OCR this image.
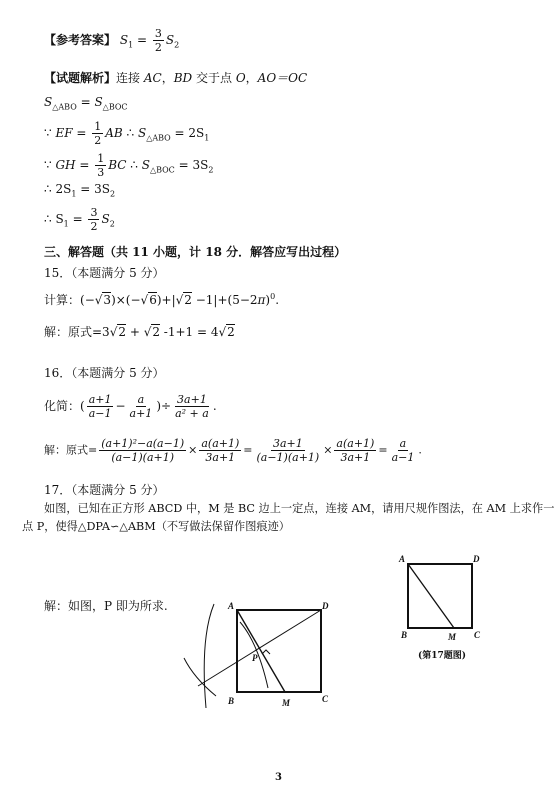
【参考答案】 $S_1 = \frac{3}{2} S_2$
【试题解析】连接 AC，BD 交于点 O，AO＝OC
$S_{\triangle ABO} = S_{\triangle BOC}$
∵ EF = $\frac{1}{2}$ AB ∴ $S_{\triangle ABO} = 2S_1$
∵ GH = $\frac{1}{3}$ BC ∴ $S_{\triangle BOC} = 3S_2$
∴ $2S_1 = 3S_2$
∴ $S_1 = \frac{3}{2} S_2$
三、解答题（共 11 小题，计 18 分．解答应写出过程）
15．（本题满分 5 分）
计算：$(-√3)\times(-√6)+|√2 -1|+(5-2\pi)^0$.
解：原式=3√2 + √2 -1+1 = 4√2
16．（本题满分 5 分）
化简：( $\frac{a+1}{a-1} - \frac{a}{a+1}$ )÷ $\frac{3a+1}{\text{a² + a}}$ .
解：原式= $\frac{\text{(a+1)²−a(a−1)}}{(a-1)(a+1)} \times \frac{a(a+1)}{3a+1} = \frac{3a+1}{(a-1)(a+1)} \times \frac{a(a+1)}{3a+1} = \frac{a}{a-1}$ .
17．（本题满分 5 分）
如图，已知在正方形 ABCD 中，M 是 BC 边上一定点，连接 AM，请用尺规作图法，在 AM 上求作一
点 P，使得△DPA∽△ABM（不写做法保留作图痕迹）
A	D
B	M C
(第17题图)
解：如图，P 即为所求.	A	D
B	M	C
P
3
